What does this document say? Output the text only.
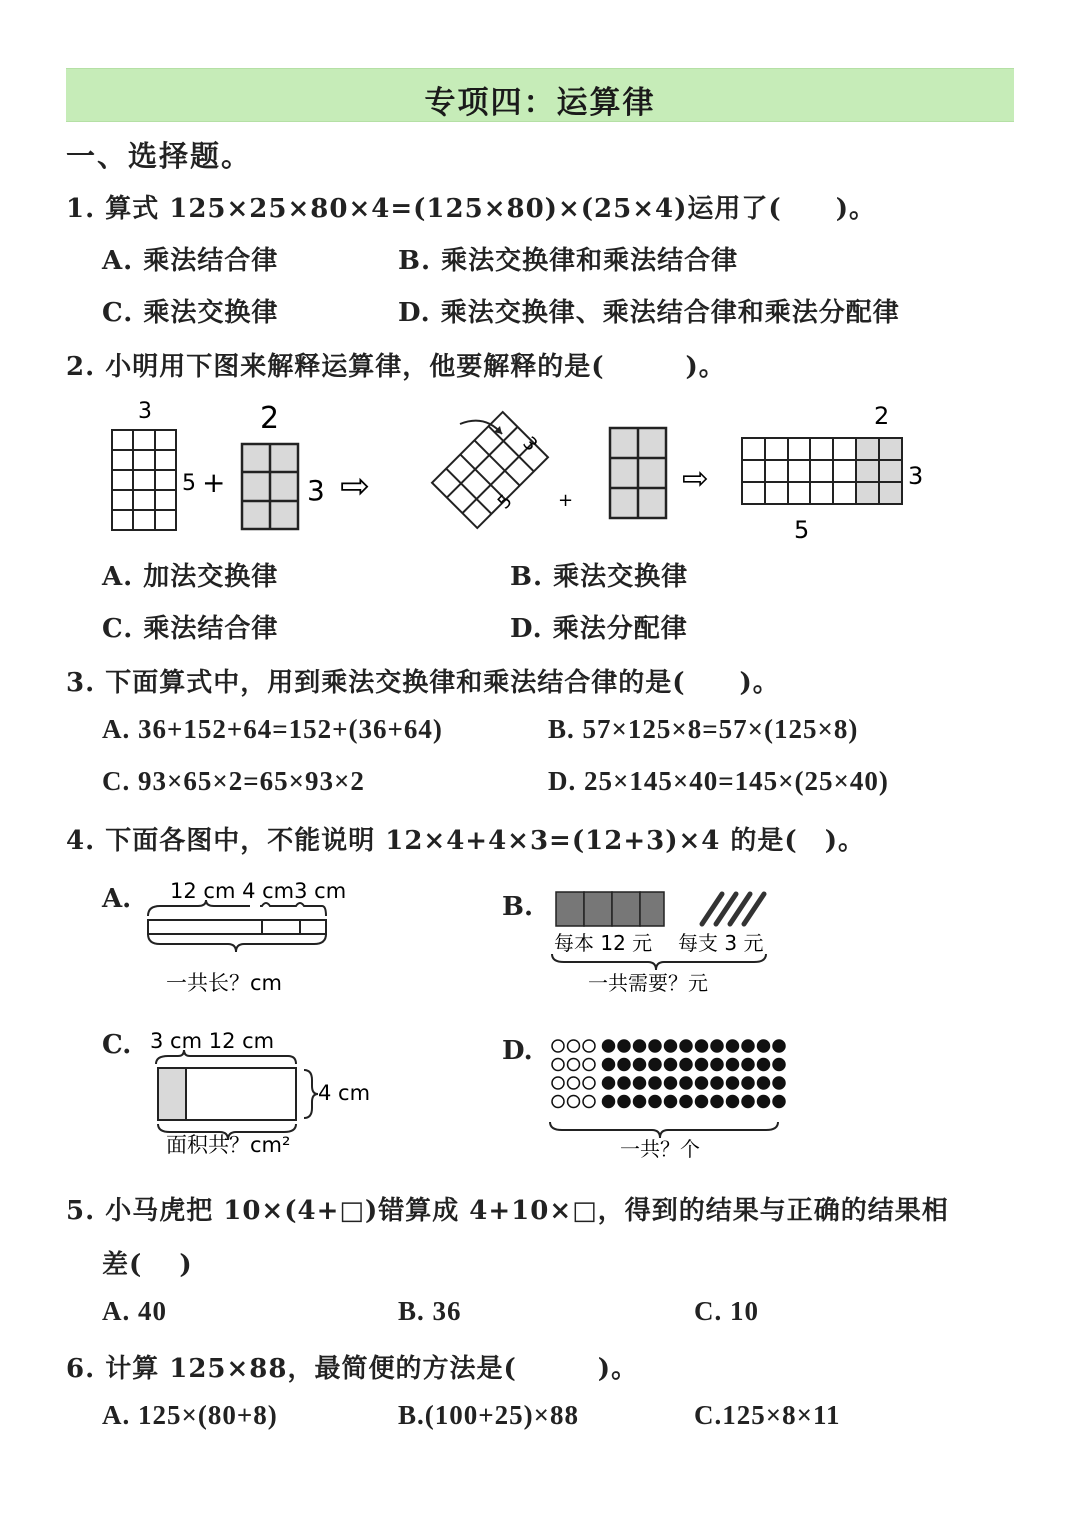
专项四：运算律
一、选择题。
1. 算式 125×25×80×4=(125×80)×(25×4)运用了(　　)。
A. 乘法结合律	B. 乘法交换律和乘法结合律
C. 乘法交换律	D. 乘法交换律、乘法结合律和乘法分配律
2. 小明用下图来解释运算律，他要解释的是(　　　)。
3
5 +
2
3 ⇨
3
5 +
⇨
2
3
5
A. 加法交换律	B. 乘法交换律
C. 乘法结合律	D. 乘法分配律
3. 下面算式中，用到乘法交换律和乘法结合律的是(　　)。
A. 36+152+64=152+(36+64)	B. 57×125×8=57×(125×8)
C. 93×65×2=65×93×2	D. 25×145×40=145×(25×40)
4. 下面各图中，不能说明 12×4+4×3=(12+3)×4 的是(　)。
A. 12 cm 4 cm3 cm
一共长？cm
B.
每本 12 元 每支 3 元
一共需要？元
C. 3 cm 12 cm
4 cm
面积共？cm²
D.
一共？个
5. 小马虎把 10×(4+□)错算成 4+10×□，得到的结果与正确的结果相
差(　 )
A. 40	B. 36	C. 10
6. 计算 125×88，最简便的方法是(　　　)。
A. 125×(80+8)	B.(100+25)×88	C.125×8×11
